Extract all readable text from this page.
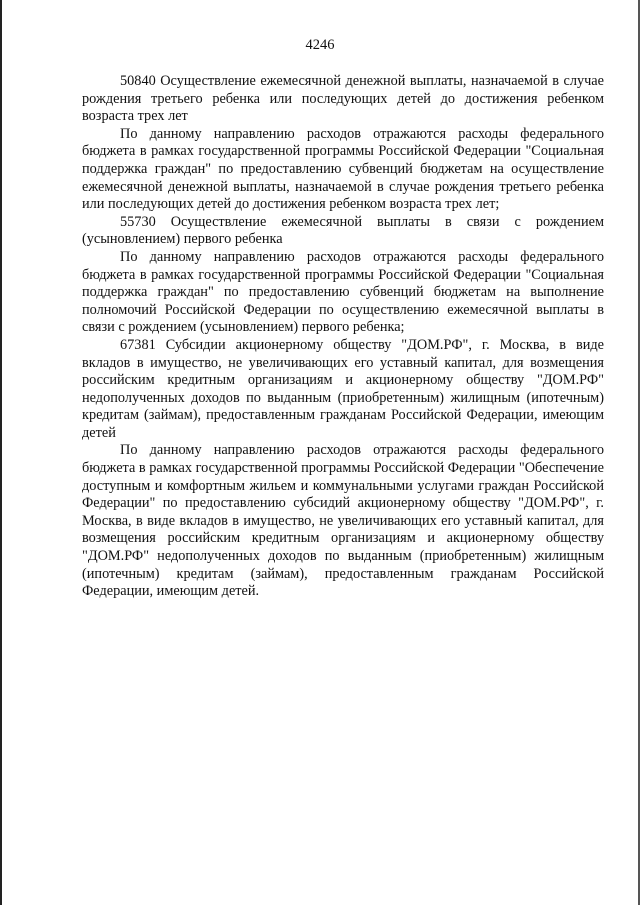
4246

50840 Осуществление ежемесячной денежной выплаты, назначаемой в случае рождения третьего ребенка или последующих детей до достижения ребенком возраста трех лет

По данному направлению расходов отражаются расходы федерального бюджета в рамках государственной программы Российской Федерации "Социальная поддержка граждан" по предоставлению субвенций бюджетам на осуществление ежемесячной денежной выплаты, назначаемой в случае рождения третьего ребенка или последующих детей до достижения ребенком возраста трех лет;

55730 Осуществление ежемесячной выплаты в связи с рождением (усыновлением) первого ребенка

По данному направлению расходов отражаются расходы федерального бюджета в рамках государственной программы Российской Федерации "Социальная поддержка граждан" по предоставлению субвенций бюджетам на выполнение полномочий Российской Федерации по осуществлению ежемесячной выплаты в связи с рождением (усыновлением) первого ребенка;

67381 Субсидии акционерному обществу "ДОМ.РФ", г. Москва, в виде вкладов в имущество, не увеличивающих его уставный капитал, для возмещения российским кредитным организациям и акционерному обществу "ДОМ.РФ" недополученных доходов по выданным (приобретенным) жилищным (ипотечным) кредитам (займам), предоставленным гражданам Российской Федерации, имеющим детей

По данному направлению расходов отражаются расходы федерального бюджета в рамках государственной программы Российской Федерации "Обеспечение доступным и комфортным жильем и коммунальными услугами граждан Российской Федерации" по предоставлению субсидий акционерному обществу "ДОМ.РФ", г. Москва, в виде вкладов в имущество, не увеличивающих его уставный капитал, для возмещения российским кредитным организациям и акционерному обществу "ДОМ.РФ" недополученных доходов по выданным (приобретенным) жилищным (ипотечным) кредитам (займам), предоставленным гражданам Российской Федерации, имеющим детей.
